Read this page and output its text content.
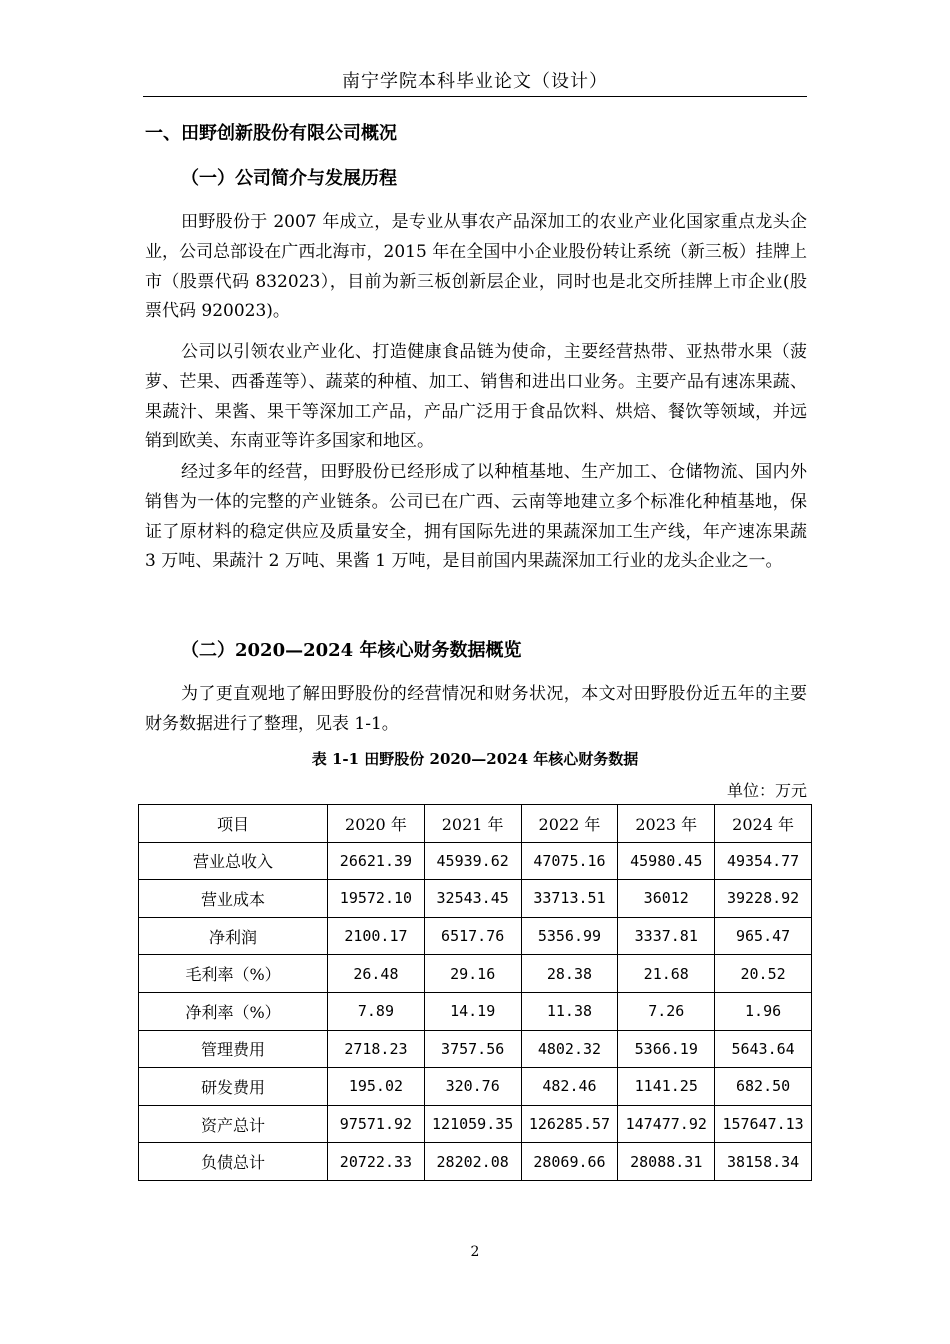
南宁学院本科毕业论文（设计）
一、田野创新股份有限公司概况
（一）公司简介与发展历程
田野股份于 2007 年成立，是专业从事农产品深加工的农业产业化国家重点龙头企业，公司总部设在广西北海市，2015 年在全国中小企业股份转让系统（新三板）挂牌上市（股票代码 832023），目前为新三板创新层企业，同时也是北交所挂牌上市企业(股票代码 920023)。
公司以引领农业产业化、打造健康食品链为使命，主要经营热带、亚热带水果（菠萝、芒果、西番莲等）、蔬菜的种植、加工、销售和进出口业务。主要产品有速冻果蔬、果蔬汁、果酱、果干等深加工产品，产品广泛用于食品饮料、烘焙、餐饮等领域，并远销到欧美、东南亚等许多国家和地区。
经过多年的经营，田野股份已经形成了以种植基地、生产加工、仓储物流、国内外销售为一体的完整的产业链条。公司已在广西、云南等地建立多个标准化种植基地，保证了原材料的稳定供应及质量安全，拥有国际先进的果蔬深加工生产线，年产速冻果蔬 3 万吨、果蔬汁 2 万吨、果酱 1 万吨，是目前国内果蔬深加工行业的龙头企业之一。
（二）2020—2024 年核心财务数据概览
为了更直观地了解田野股份的经营情况和财务状况，本文对田野股份近五年的主要财务数据进行了整理，见表 1-1。
表 1-1 田野股份 2020—2024 年核心财务数据
单位：万元
项目	2020 年	2021 年	2022 年	2023 年	2024 年
营业总收入	26621.39	45939.62	47075.16	45980.45	49354.77
营业成本	19572.10	32543.45	33713.51	36012	39228.92
净利润	2100.17	6517.76	5356.99	3337.81	965.47
毛利率（%）	26.48	29.16	28.38	21.68	20.52
净利率（%）	7.89	14.19	11.38	7.26	1.96
管理费用	2718.23	3757.56	4802.32	5366.19	5643.64
研发费用	195.02	320.76	482.46	1141.25	682.50
资产总计	97571.92	121059.35	126285.57	147477.92	157647.13
负债总计	20722.33	28202.08	28069.66	28088.31	38158.34
2
